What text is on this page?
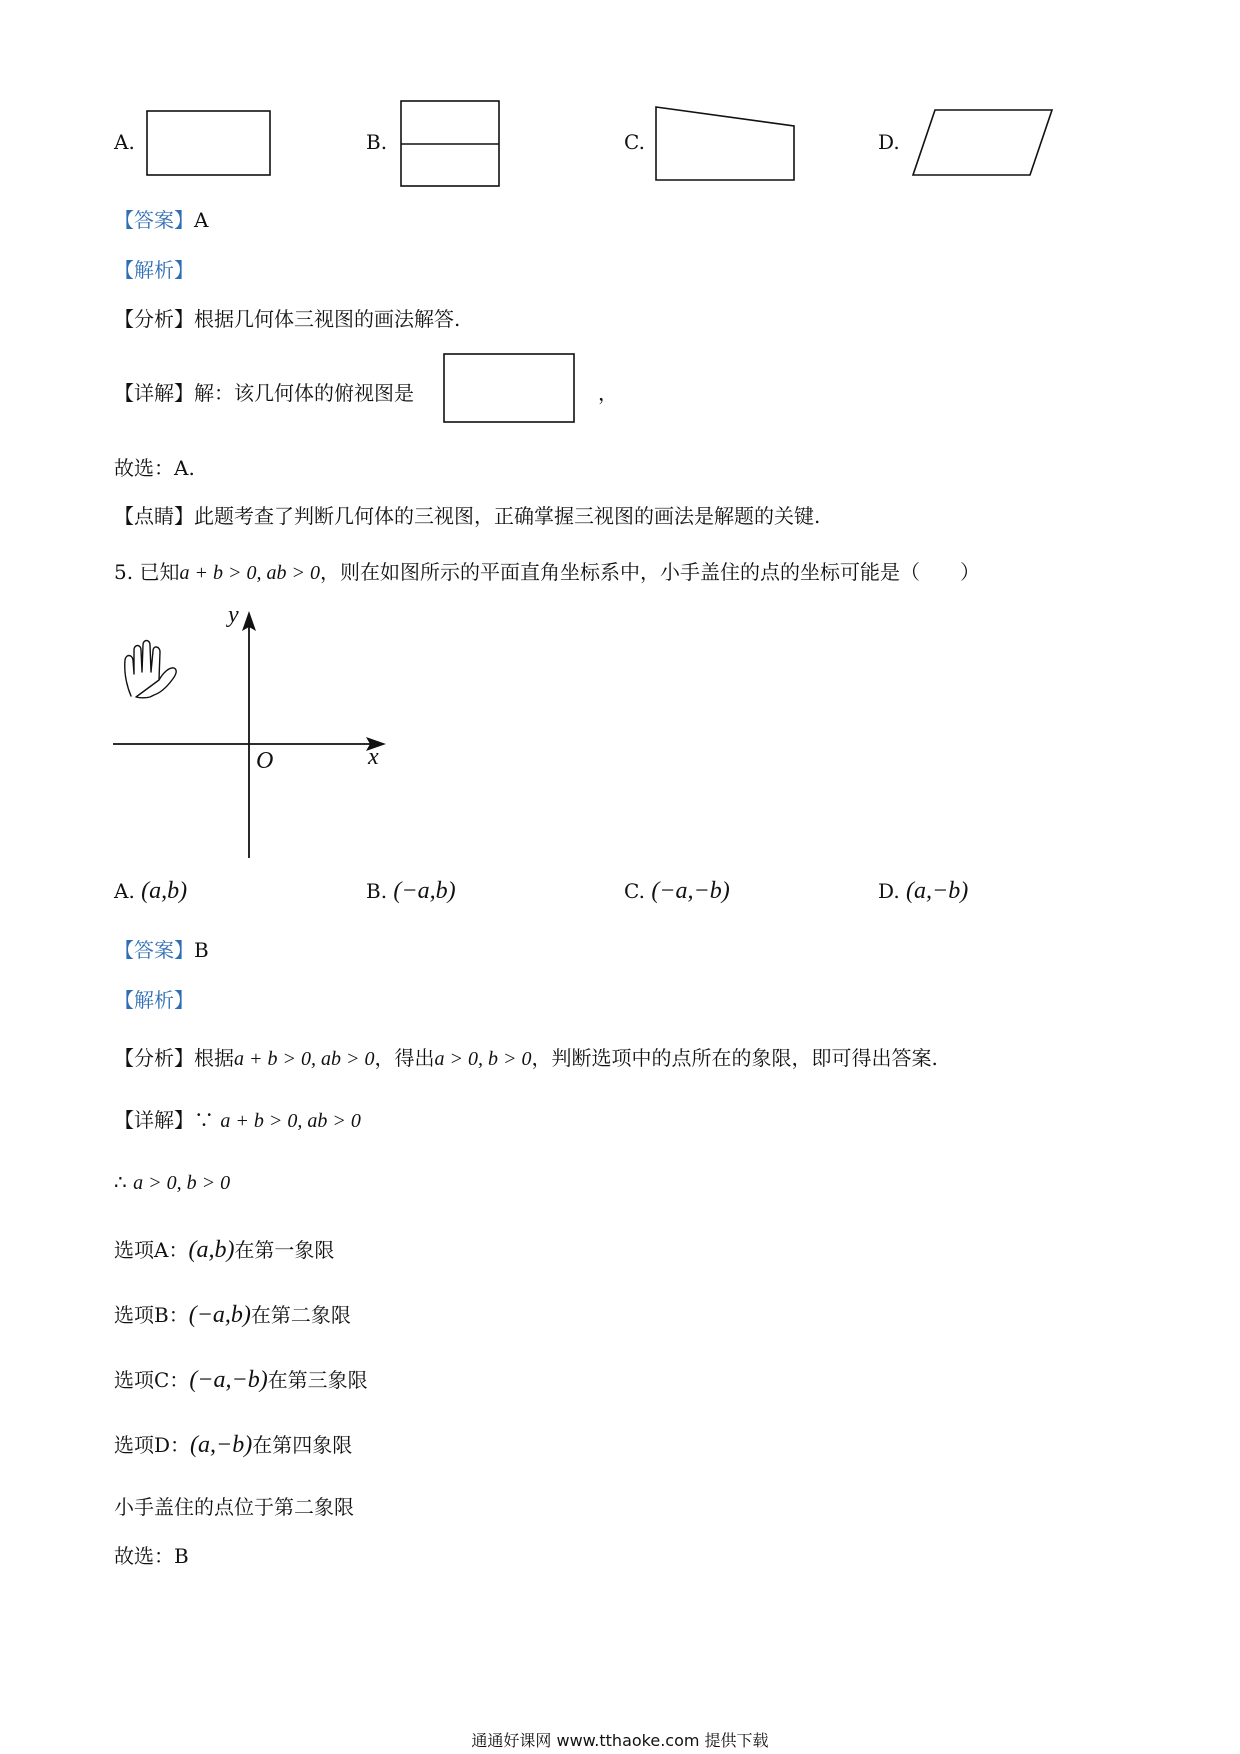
A.	B.	C.	D.
【答案】A
【解析】
【分析】根据几何体三视图的画法解答.
【详解】解：该几何体的俯视图是	，
故选：A.
【点睛】此题考查了判断几何体的三视图，正确掌握三视图的画法是解题的关键.
5. 已知a + b > 0, ab > 0，则在如图所示的平面直角坐标系中，小手盖住的点的坐标可能是（　　）
y
x
O
A. (a,b)	B. (−a,b)	C. (−a,−b)	D. (a,−b)
【答案】B
【解析】
【分析】根据a + b > 0, ab > 0，得出a > 0, b > 0，判断选项中的点所在的象限，即可得出答案.
【详解】∵ a + b > 0, ab > 0
∴ a > 0, b > 0
选项A：(a,b)在第一象限
选项B：(−a,b)在第二象限
选项C：(−a,−b)在第三象限
选项D：(a,−b)在第四象限
小手盖住的点位于第二象限
故选：B
通通好课网 www.tthaoke.com 提供下载
